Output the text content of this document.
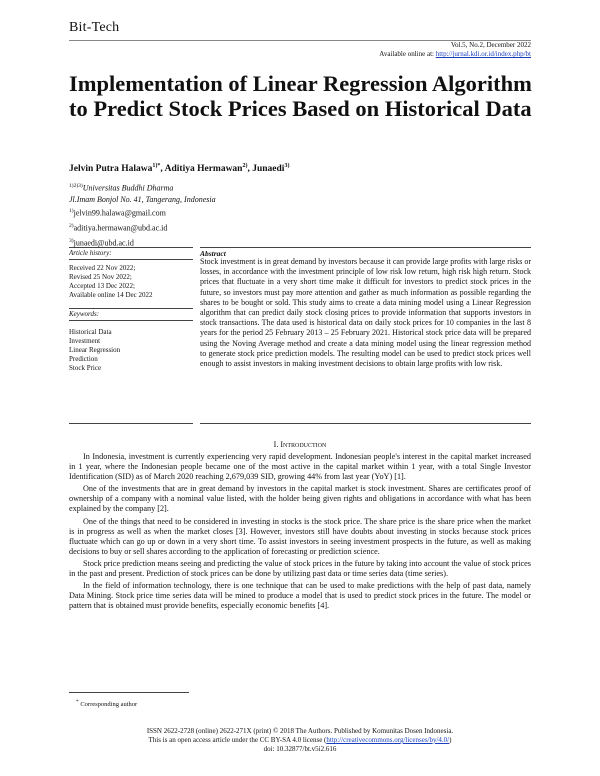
Bit-Tech
Vol.5, No.2, December 2022
Available online at: http://jurnal.kdi.or.id/index.php/bt
Implementation of Linear Regression Algorithm to Predict Stock Prices Based on Historical Data
Jelvin Putra Halawa$^{1)*}$, Aditiya Hermawan$^{2)}$, Junaedi$^{3)}$
$^{1)2)3)}$Universitas Buddhi Dharma
Jl.Imam Bonjol No. 41, Tangerang, Indonesia
$^{1)}$jelvin99.halawa@gmail.com
$^{2)}$aditiya.hermawan@ubd.ac.id
$^{3)}$junaedi@ubd.ac.id
Article history:
Received 22 Nov 2022;
Revised 25 Nov 2022;
Accepted 13 Dec 2022;
Available online 14 Dec 2022
Keywords:
Historical Data
Investment
Linear Regression
Prediction
Stock Price
Abstract

Stock investment is in great demand by investors because it can provide large profits with large risks or losses, in accordance with the investment principle of low risk low return, high risk high return. Stock prices that fluctuate in a very short time make it difficult for investors to predict stock prices in the future, so investors must pay more attention and gather as much information as possible regarding the shares to be bought or sold. This study aims to create a data mining model using a Linear Regression algorithm that can predict daily stock closing prices to provide information that supports investors in stock transactions. The data used is historical data on daily stock prices for 10 companies in the last 8 years for the period 25 February 2013 – 25 February 2021. Historical stock price data will be prepared using the Noving Average method and create a data mining model using the linear regression method to generate stock price prediction models. The resulting model can be used to predict stock prices well enough to assist investors in making investment decisions to obtain large profits with low risk.

I. Introduction

In Indonesia, investment is currently experiencing very rapid development. Indonesian people's interest in the capital market increased in 1 year, where the Indonesian people became one of the most active in the capital market within 1 year, with a total Single Investor Identification (SID) as of March 2020 reaching 2,679,039 SID, growing 44% from last year (YoY) [1].

One of the investments that are in great demand by investors in the capital market is stock investment. Shares are certificates proof of ownership of a company with a nominal value listed, with the holder being given rights and obligations in accordance with what has been explained by the company [2].

One of the things that need to be considered in investing in stocks is the stock price. The share price is the share price when the market is in progress as well as when the market closes [3]. However, investors still have doubts about investing in stocks because stock prices fluctuate which can go up or down in a very short time. To assist investors in seeing investment prospects in the future, as well as making decisions to buy or sell shares according to the application of forecasting or prediction science.

Stock price prediction means seeing and predicting the value of stock prices in the future by taking into account the value of stock prices in the past and present. Prediction of stock prices can be done by utilizing past data or time series data (time series).

In the field of information technology, there is one technique that can be used to make predictions with the help of past data, namely Data Mining. Stock price time series data will be mined to produce a model that is used to predict stock prices in the future. The model or pattern that is obtained must provide benefits, especially economic benefits [4].

* Corresponding author
ISSN 2622-2728 (online) 2622-271X (print) © 2018 The Authors. Published by Komunitas Dosen Indonesia.
This is an open access article under the CC BY-SA 4.0 license (http://creativecommons.org/licenses/by/4.0/)
doi: 10.32877/bt.v5i2.616
